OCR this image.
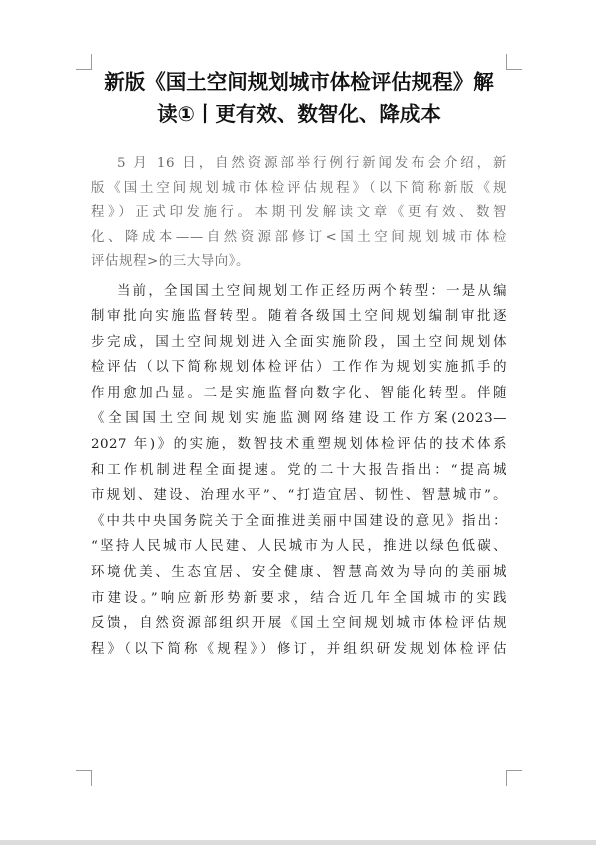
新版《国土空间规划城市体检评估规程》解
读①丨更有效、数智化、降成本
5 月 16 日，自然资源部举行例行新闻发布会介绍，新
版《国土空间规划城市体检评估规程》（以下简称新版《规
程》）正式印发施行。本期刊发解读文章《更有效、数智
化、降成本——自然资源部修订<国土空间规划城市体检
评估规程>的三大导向》。
当前，全国国土空间规划工作正经历两个转型：一是从编
制审批向实施监督转型。随着各级国土空间规划编制审批逐
步完成，国土空间规划进入全面实施阶段，国土空间规划体
检评估（以下简称规划体检评估）工作作为规划实施抓手的
作用愈加凸显。二是实施监督向数字化、智能化转型。伴随
《全国国土空间规划实施监测网络建设工作方案(2023—
2027 年)》的实施，数智技术重塑规划体检评估的技术体系
和工作机制进程全面提速。党的二十大报告指出：“提高城
市规划、建设、治理水平”、“打造宜居、韧性、智慧城市”。
《中共中央国务院关于全面推进美丽中国建设的意见》指出：
“坚持人民城市人民建、人民城市为人民，推进以绿色低碳、
环境优美、生态宜居、安全健康、智慧高效为导向的美丽城
市建设。”响应新形势新要求，结合近几年全国城市的实践
反馈，自然资源部组织开展《国土空间规划城市体检评估规
程》（以下简称《规程》）修订，并组织研发规划体检评估
